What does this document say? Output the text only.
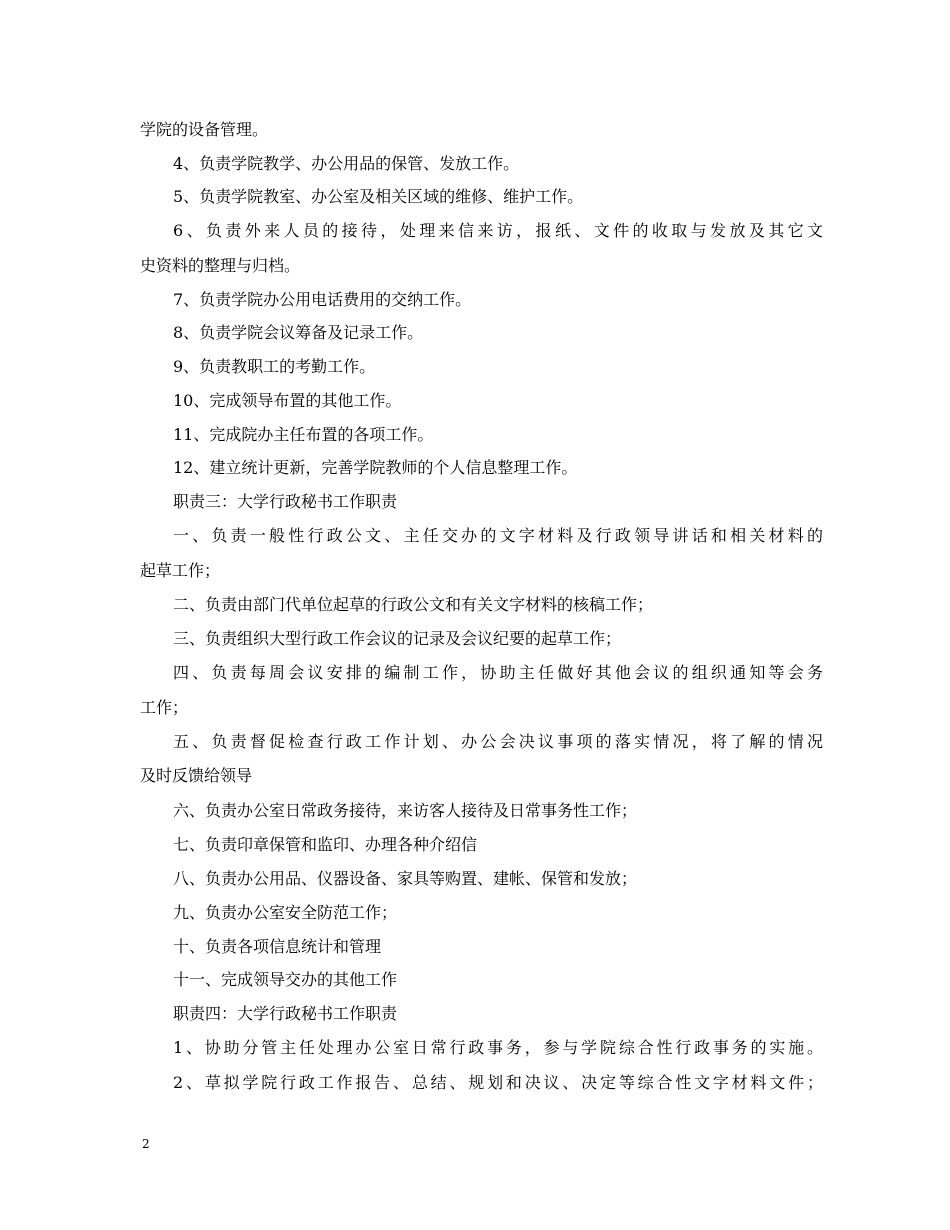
学院的设备管理。
4、负责学院教学、办公用品的保管、发放工作。
5、负责学院教室、办公室及相关区域的维修、维护工作。
6、负责外来人员的接待，处理来信来访，报纸、文件的收取与发放及其它文
史资料的整理与归档。
7、负责学院办公用电话费用的交纳工作。
8、负责学院会议筹备及记录工作。
9、负责教职工的考勤工作。
10、完成领导布置的其他工作。
11、完成院办主任布置的各项工作。
12、建立统计更新，完善学院教师的个人信息整理工作。
职责三：大学行政秘书工作职责
一、负责一般性行政公文、主任交办的文字材料及行政领导讲话和相关材料的
起草工作；
二、负责由部门代单位起草的行政公文和有关文字材料的核稿工作；
三、负责组织大型行政工作会议的记录及会议纪要的起草工作；
四、负责每周会议安排的编制工作，协助主任做好其他会议的组织通知等会务
工作；
五、负责督促检查行政工作计划、办公会决议事项的落实情况，将了解的情况
及时反馈给领导
六、负责办公室日常政务接待，来访客人接待及日常事务性工作；
七、负责印章保管和监印、办理各种介绍信
八、负责办公用品、仪器设备、家具等购置、建帐、保管和发放；
九、负责办公室安全防范工作；
十、负责各项信息统计和管理
十一、完成领导交办的其他工作
职责四：大学行政秘书工作职责
1、协助分管主任处理办公室日常行政事务，参与学院综合性行政事务的实施。
2、草拟学院行政工作报告、总结、规划和决议、决定等综合性文字材料文件；
2
